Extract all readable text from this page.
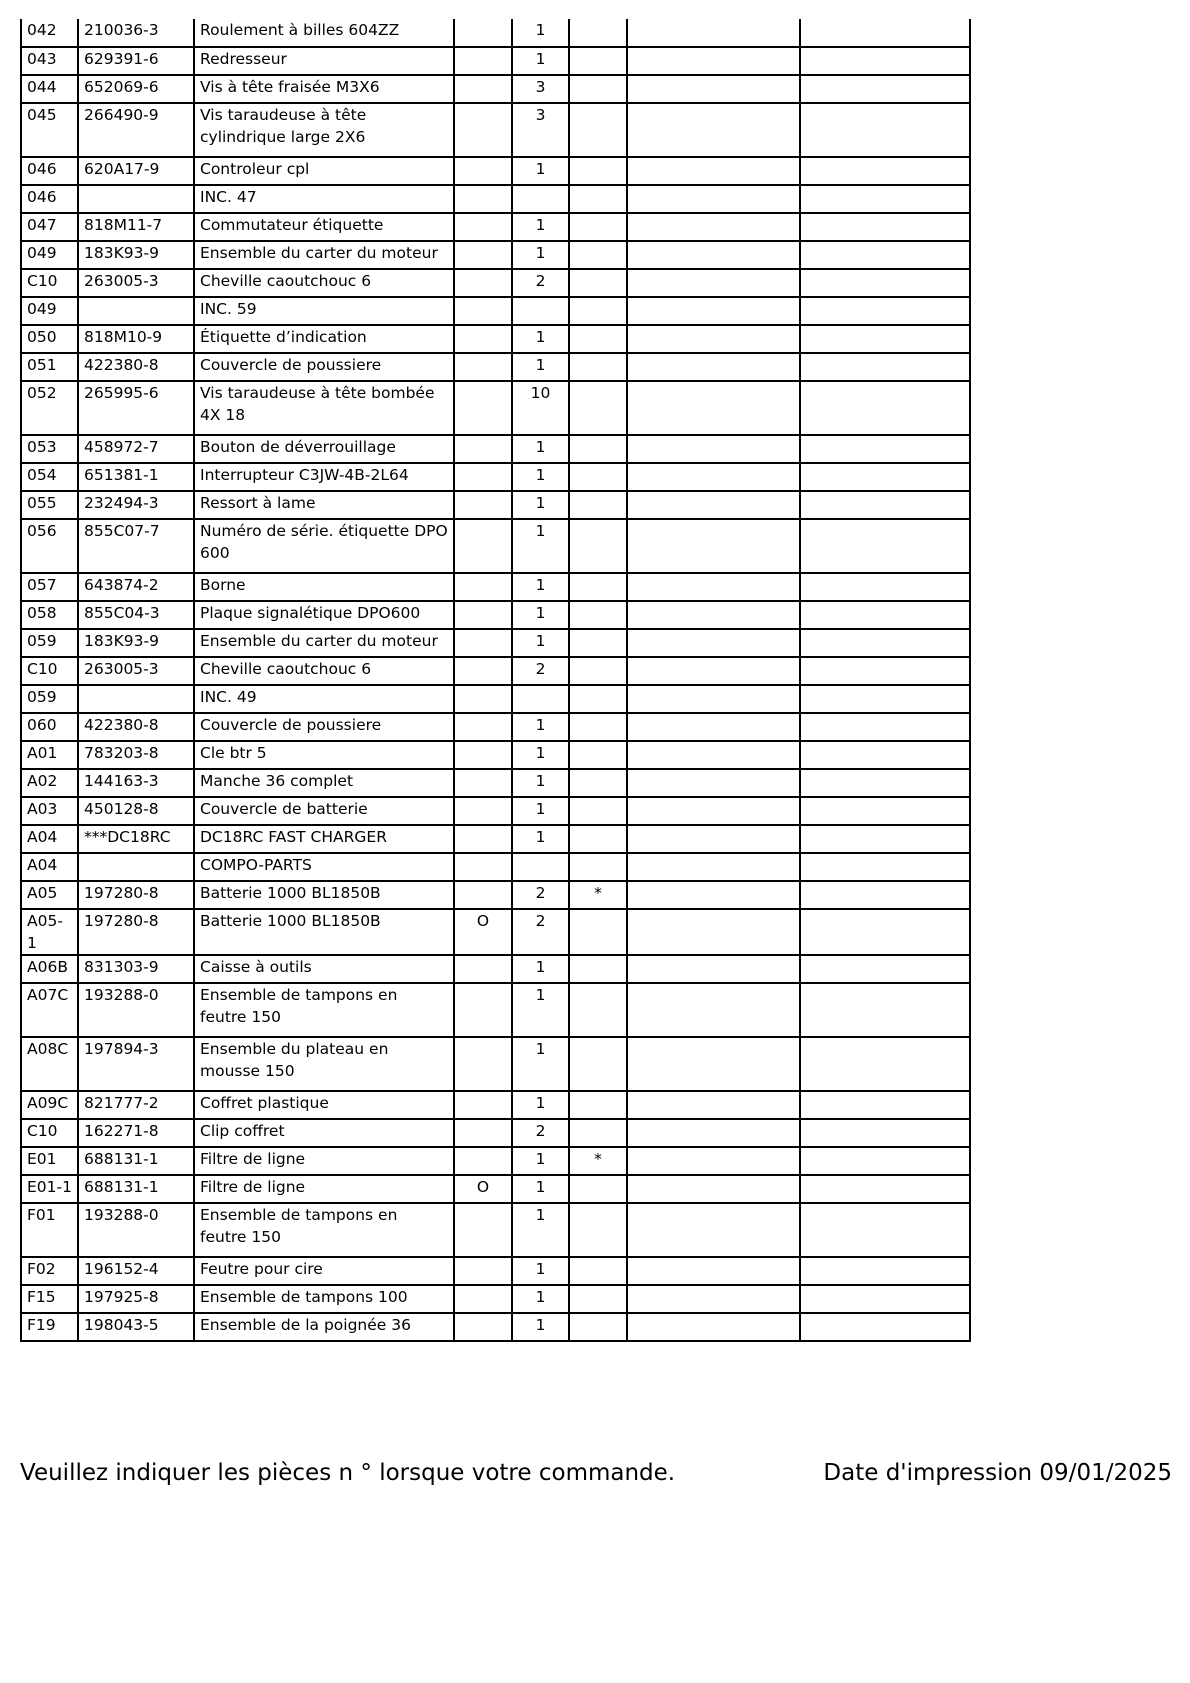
042	210036-3	Roulement à billes 604ZZ		1			

043	629391-6	Redresseur		1			

044	652069-6	Vis à tête fraisée M3X6		3			

045	266490-9	Vis taraudeuse à tête cylindrique large 2X6		3			

046	620A17-9	Controleur cpl		1			

046		INC. 47					

047	818M11-7	Commutateur étiquette		1			

049	183K93-9	Ensemble du carter du moteur		1			

C10	263005-3	Cheville caoutchouc 6		2			

049		INC. 59					

050	818M10-9	Étiquette d’indication		1			

051	422380-8	Couvercle de poussiere		1			

052	265995-6	Vis taraudeuse à tête bombée 4X 18		10			

053	458972-7	Bouton de déverrouillage		1			

054	651381-1	Interrupteur C3JW-4B-2L64		1			

055	232494-3	Ressort à lame		1			

056	855C07-7	Numéro de série. étiquette DPO 600		1			

057	643874-2	Borne		1			

058	855C04-3	Plaque signalétique DPO600		1			

059	183K93-9	Ensemble du carter du moteur		1			

C10	263005-3	Cheville caoutchouc 6		2			

059		INC. 49					

060	422380-8	Couvercle de poussiere		1			

A01	783203-8	Cle btr 5		1			

A02	144163-3	Manche 36 complet		1			

A03	450128-8	Couvercle de batterie		1			

A04	***DC18RC	DC18RC FAST CHARGER		1			

A04		COMPO-PARTS					

A05	197280-8	Batterie 1000 BL1850B		2	*		

A05-1	197280-8	Batterie 1000 BL1850B	O	2			

A06B	831303-9	Caisse à outils		1			

A07C	193288-0	Ensemble de tampons en feutre 150		1			

A08C	197894-3	Ensemble du plateau en mousse 150		1			

A09C	821777-2	Coffret plastique		1			

C10	162271-8	Clip coffret		2			

E01	688131-1	Filtre de ligne		1	*		

E01-1	688131-1	Filtre de ligne	O	1			

F01	193288-0	Ensemble de tampons en feutre 150		1			

F02	196152-4	Feutre pour cire		1			

F15	197925-8	Ensemble de tampons 100		1			

F19	198043-5	Ensemble de la poignée 36		1			

Veuillez indiquer les pièces n ° lorsque votre commande.	Date d'impression 09/01/2025
